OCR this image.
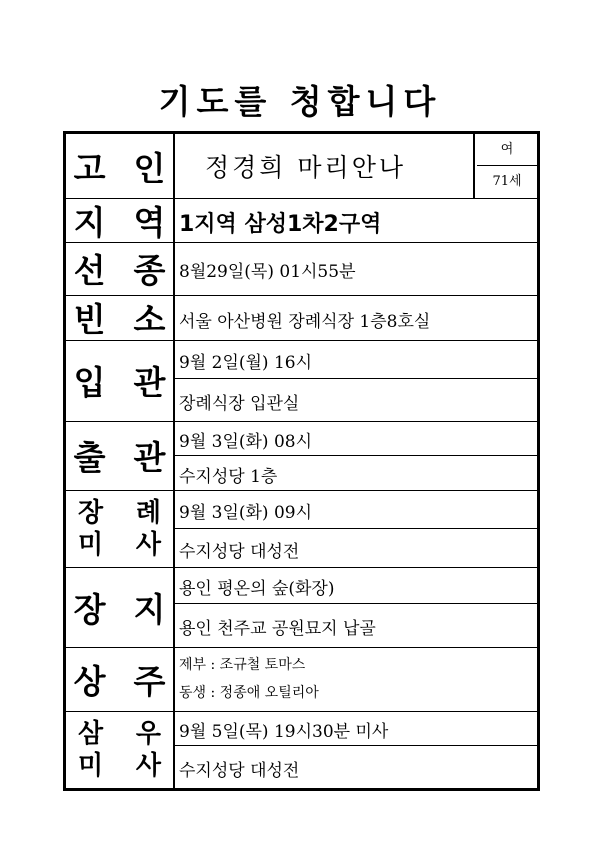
기도를 청합니다
고 인 정경희 마리안나
여
71세
지 역 1지역 삼성1차2구역
선 종 8월29일(목) 01시55분
빈 소 서울 아산병원 장례식장 1층8호실
입 관 9월 2일(월) 16시
장례식장 입관실
출 관 9월 3일(화) 08시
수지성당 1층
장 례
미 사
9월 3일(화) 09시
수지성당 대성전
장 지
용인 평온의 숲(화장)
용인 천주교 공원묘지 납골
상 주 제부 : 조규철 토마스
동생 : 정종애 오틸리아
삼 우
미 사
9월 5일(목) 19시30분 미사
수지성당 대성전
